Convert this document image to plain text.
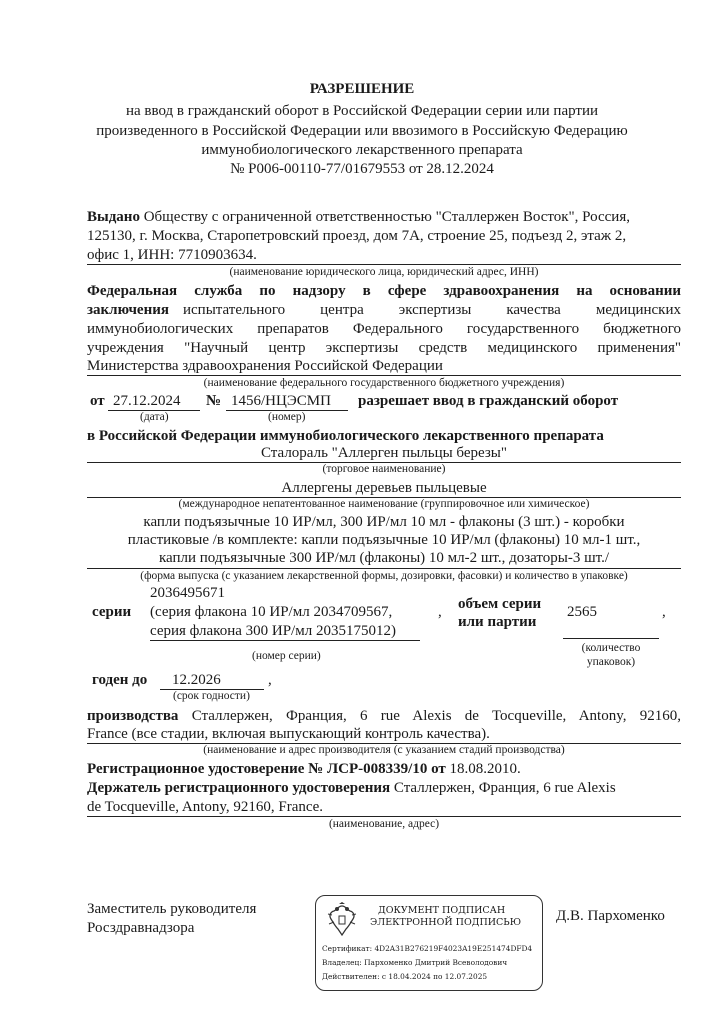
РАЗРЕШЕНИЕ
на ввод в гражданский оборот в Российской Федерации серии или партии
произведенного в Российской Федерации или ввозимого в Российскую Федерацию
иммунобиологического лекарственного препарата
№ Р006-00110-77/01679553 от 28.12.2024
Выдано Обществу с ограниченной ответственностью "Сталлержен Восток", Россия,
125130, г. Москва, Старопетровский проезд, дом 7А, строение 25, подъезд 2, этаж 2,
офис 1, ИНН: 7710903634.
(наименование юридического лица, юридический адрес, ИНН)
Федеральная служба по надзору в сфере здравоохранения на основании
заключения испытательного центра экспертизы качества медицинских
иммунобиологических препаратов Федерального государственного бюджетного
учреждения "Научный центр экспертизы средств медицинского применения"
Министерства здравоохранения Российской Федерации
(наименование федерального государственного бюджетного учреждения)
от 27.12.2024 № 1456/НЦЭСМП разрешает ввод в гражданский оборот
(дата)	(номер)
в Российской Федерации иммунобиологического лекарственного препарата
Сталораль "Аллерген пыльцы березы"
(торговое наименование)
Аллергены деревьев пыльцевые
(международное непатентованное наименование (группировочное или химическое)
капли подъязычные 10 ИР/мл, 300 ИР/мл 10 мл - флаконы (3 шт.) - коробки
пластиковые /в комплекте: капли подъязычные 10 ИР/мл (флаконы) 10 мл-1 шт.,
капли подъязычные 300 ИР/мл (флаконы) 10 мл-2 шт., дозаторы-3 шт./
(форма выпуска (с указанием лекарственной формы, дозировки, фасовки) и количество в упаковке)
2036495671
серии (серия флакона 10 ИР/мл 2034709567,
серия флакона 300 ИР/мл 2035175012)
, объем серии
или партии
2565	,
(номер серии)
(количество
упаковок)
годен до 12.2026	,
(срок годности)
производства Сталлержен, Франция, 6 rue Alexis de Tocqueville, Antony, 92160,
France (все стадии, включая выпускающий контроль качества).
(наименование и адрес производителя (с указанием стадий производства)
Регистрационное удостоверение № ЛСР-008339/10 от 18.08.2010.
Держатель регистрационного удостоверения Сталлержен, Франция, 6 rue Alexis
de Tocqueville, Antony, 92160, France.
(наименование, адрес)
Заместитель руководителя
Росздравнадзора
Д.В. Пархоменко
ДОКУМЕНТ ПОДПИСАН
ЭЛЕКТРОННОЙ ПОДПИСЬЮ
Сертификат: 4D2A31B276219F4023A19E251474DFD4
Владелец: Пархоменко Дмитрий Всеволодович
Действителен: с 18.04.2024 по 12.07.2025
